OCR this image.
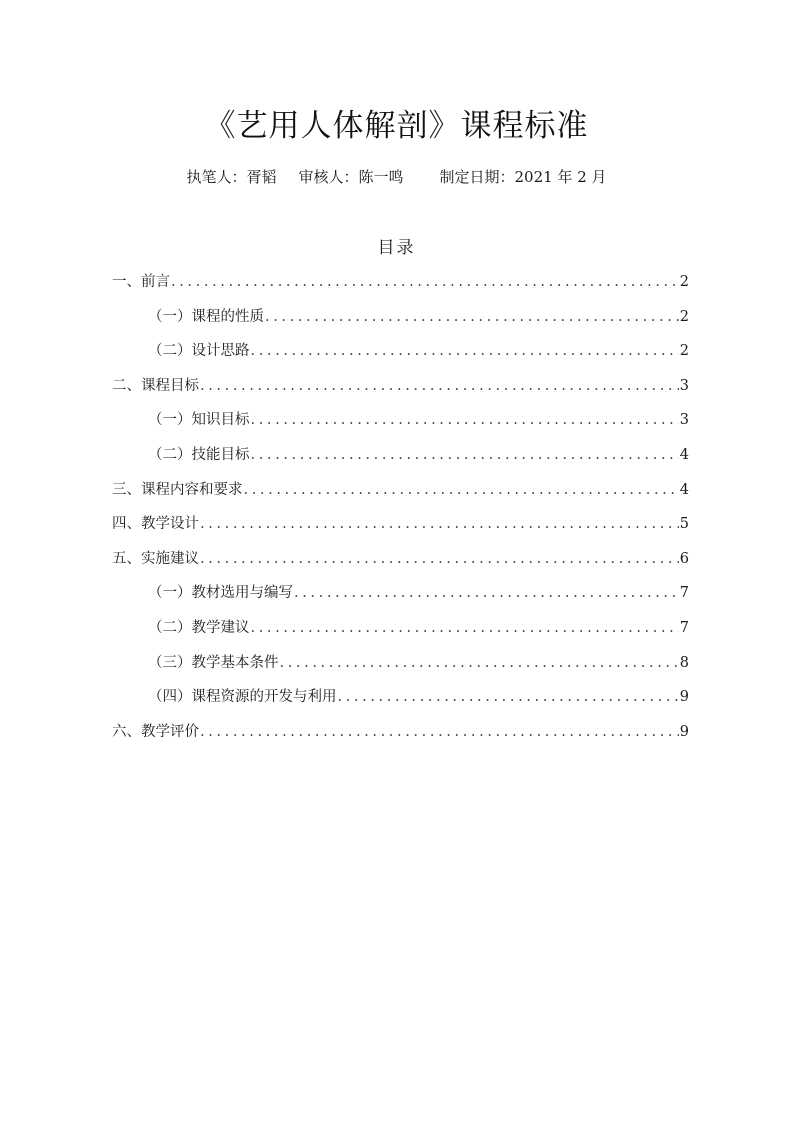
《艺用人体解剖》课程标准
执笔人：胥韬 审核人：陈一鸣 制定日期：2021 年 2 月
目录
一、前言 .....	2
（一）课程的性质 .....	2
（二）设计思路 .....	2
二、课程目标 .....	3
（一）知识目标 .....	3
（二）技能目标 .....	4
三、课程内容和要求 .....	4
四、教学设计 .....	5
五、实施建议 .....	6
（一）教材选用与编写 .....	7
（二）教学建议 .....	7
（三）教学基本条件 .....	8
（四）课程资源的开发与利用 .....	9
六、教学评价 .....	9
